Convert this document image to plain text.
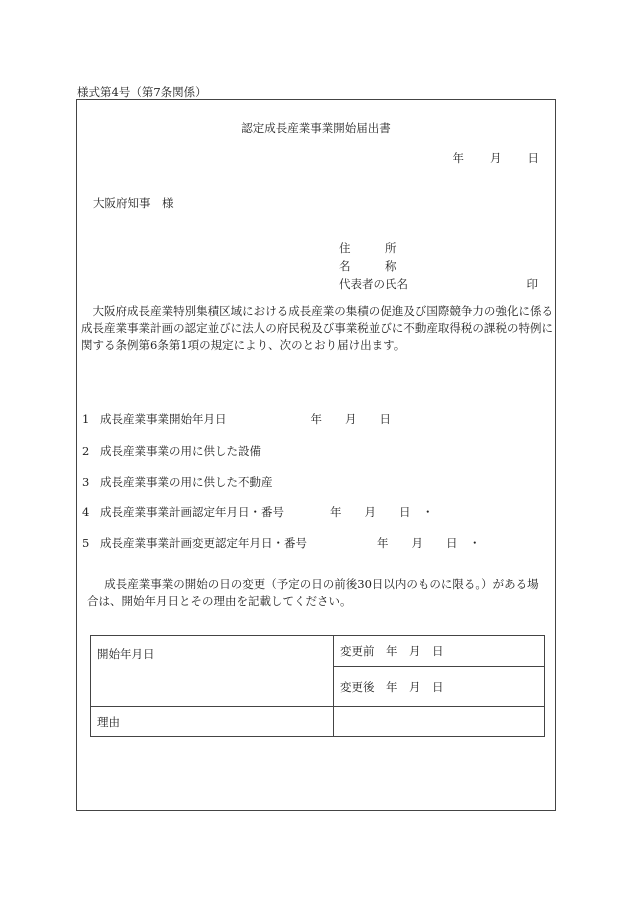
様式第4号（第7条関係）
認定成長産業事業開始届出書
年 月 日
大阪府知事　様
住　　　所
名　　　称
代表者の氏名	印
大阪府成長産業特別集積区域における成長産業の集積の促進及び国際競争力の強化に係る成長産業事業計画の認定並びに法人の府民税及び事業税並びに不動産取得税の課税の特例に関する条例第6条第1項の規定により、次のとおり届け出ます。
1 成長産業事業開始年月日	年　　月　　日
2 成長産業事業の用に供した設備
3 成長産業事業の用に供した不動産
4 成長産業事業計画認定年月日・番号	年　　月　　日　・
5 成長産業事業計画変更認定年月日・番号	年　　月　　日　・
成長産業事業の開始の日の変更（予定の日の前後30日以内のものに限る。）がある場合は、開始年月日とその理由を記載してください。
開始年月日	変更前　年　月　日
	変更後　年　月　日
理由	
